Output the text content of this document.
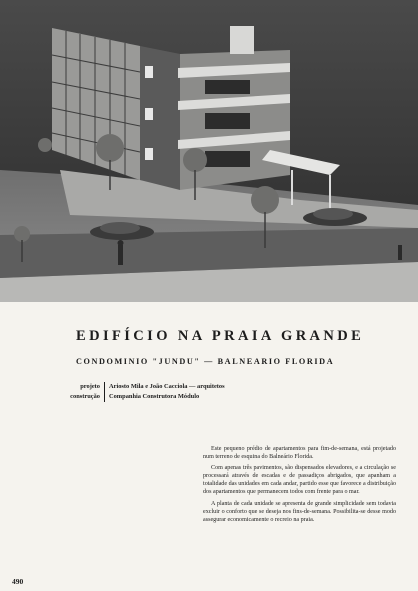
EDIFÍCIO NA PRAIA GRANDE
CONDOMINIO "JUNDU" — BALNEARIO FLORIDA
projeto	Ariosto Mila e João Cacciola — arquitetos
construção	Companhia Construtora Módulo

Este pequeno prédio de apartamentos para fim-de-semana, está projetado num terreno de esquina do Balneário Florida.

Com apenas três pavimentos, são dispensados elevadores, e a circulação se processará através de escadas e de passadiços abrigados, que apanham a totalidade das unidades em cada andar, partido esse que favorece a distribuição dos apartamentos que permanecem todos com frente para o mar.

A planta de cada unidade se apresenta de grande simplicidade sem todavia excluir o conforto que se deseja nos fins-de-semana. Possibilita-se desse modo assegurar economicamente o recreio na praia.

490
